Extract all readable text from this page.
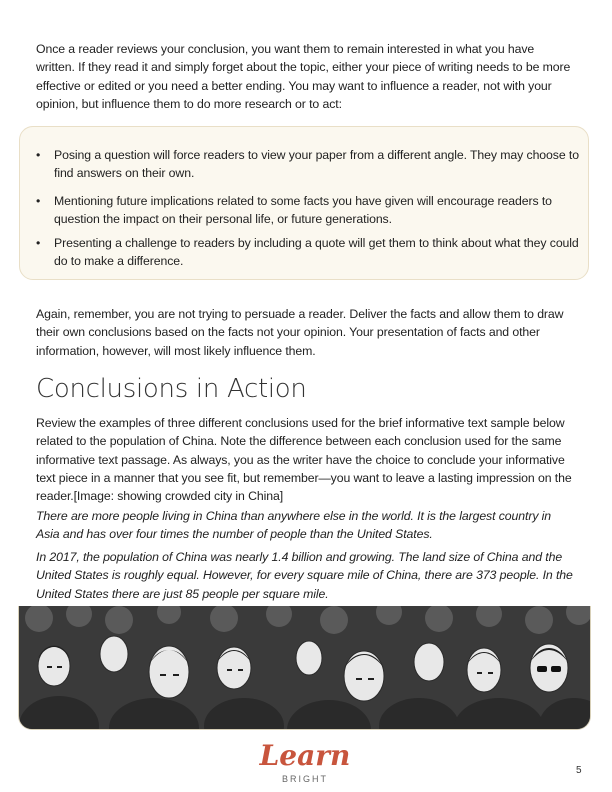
Once a reader reviews your conclusion, you want them to remain interested in what you have written. If they read it and simply forget about the topic, either your piece of writing needs to be more effective or edited or you need a better ending. You may want to influence a reader, not with your opinion, but influence them to do more research or to act:

• Posing a question will force readers to view your paper from a different angle. They may choose to find answers on their own.
• Mentioning future implications related to some facts you have given will encourage readers to question the impact on their personal life, or future generations.
• Presenting a challenge to readers by including a quote will get them to think about what they could do to make a difference.

Again, remember, you are not trying to persuade a reader. Deliver the facts and allow them to draw their own conclusions based on the facts not your opinion. Your presentation of facts and other information, however, will most likely influence them.

Conclusions in Action

Review the examples of three different conclusions used for the brief informative text sample below related to the population of China. Note the difference between each conclusion used for the same informative text passage. As always, you as the writer have the choice to conclude your informative text piece in a manner that you see fit, but remember—you want to leave a lasting impression on the reader.[Image: showing crowded city in China]

There are more people living in China than anywhere else in the world. It is the largest country in Asia and has over four times the number of people than the United States.

In 2017, the population of China was nearly 1.4 billion and growing. The land size of China and the United States is roughly equal. However, for every square mile of China, there are 373 people. In the United States there are just 85 people per square mile.

Learn
BRIGHT
5
